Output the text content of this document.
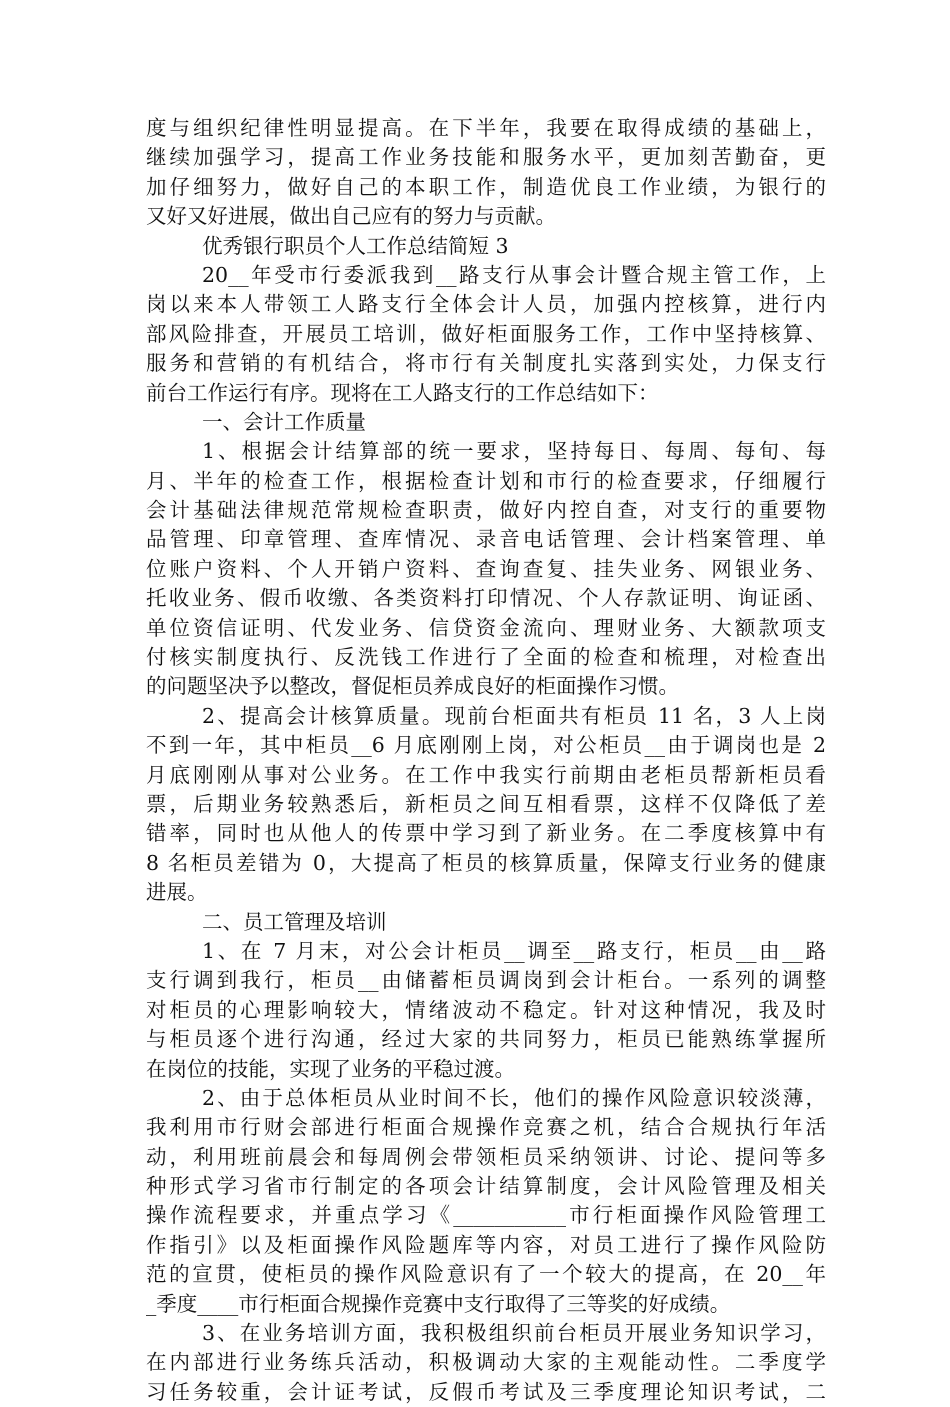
度与组织纪律性明显提高。在下半年，我要在取得成绩的基础上，
继续加强学习，提高工作业务技能和服务水平，更加刻苦勤奋，更
加仔细努力，做好自己的本职工作，制造优良工作业绩，为银行的
又好又好进展，做出自己应有的努力与贡献。
优秀银行职员个人工作总结简短 3
20__年受市行委派我到__路支行从事会计暨合规主管工作，上
岗以来本人带领工人路支行全体会计人员，加强内控核算，进行内
部风险排查，开展员工培训，做好柜面服务工作，工作中坚持核算、
服务和营销的有机结合，将市行有关制度扎实落到实处，力保支行
前台工作运行有序。现将在工人路支行的工作总结如下：
一、会计工作质量
1、根据会计结算部的统一要求，坚持每日、每周、每旬、每
月、半年的检查工作，根据检查计划和市行的检查要求，仔细履行
会计基础法律规范常规检查职责，做好内控自查，对支行的重要物
品管理、印章管理、查库情况、录音电话管理、会计档案管理、单
位账户资料、个人开销户资料、查询查复、挂失业务、网银业务、
托收业务、假币收缴、各类资料打印情况、个人存款证明、询证函、
单位资信证明、代发业务、信贷资金流向、理财业务、大额款项支
付核实制度执行、反洗钱工作进行了全面的检查和梳理，对检查出
的问题坚决予以整改，督促柜员养成良好的柜面操作习惯。
2、提高会计核算质量。现前台柜面共有柜员 11 名，3 人上岗
不到一年，其中柜员__6 月底刚刚上岗，对公柜员__由于调岗也是 2
月底刚刚从事对公业务。在工作中我实行前期由老柜员帮新柜员看
票，后期业务较熟悉后，新柜员之间互相看票，这样不仅降低了差
错率，同时也从他人的传票中学习到了新业务。在二季度核算中有
8 名柜员差错为 0，大提高了柜员的核算质量，保障支行业务的健康
进展。
二、员工管理及培训
1、在 7 月末，对公会计柜员__调至__路支行，柜员__由__路
支行调到我行，柜员__由储蓄柜员调岗到会计柜台。一系列的调整
对柜员的心理影响较大，情绪波动不稳定。针对这种情况，我及时
与柜员逐个进行沟通，经过大家的共同努力，柜员已能熟练掌握所
在岗位的技能，实现了业务的平稳过渡。
2、由于总体柜员从业时间不长，他们的操作风险意识较淡薄，
我利用市行财会部进行柜面合规操作竞赛之机，结合合规执行年活
动，利用班前晨会和每周例会带领柜员采纳领讲、讨论、提问等多
种形式学习省市行制定的各项会计结算制度，会计风险管理及相关
操作流程要求，并重点学习《___________市行柜面操作风险管理工
作指引》以及柜面操作风险题库等内容，对员工进行了操作风险防
范的宣贯，使柜员的操作风险意识有了一个较大的提高，在 20__年
_季度____市行柜面合规操作竞赛中支行取得了三等奖的好成绩。
3、在业务培训方面，我积极组织前台柜员开展业务知识学习，
在内部进行业务练兵活动，积极调动大家的主观能动性。二季度学
习任务较重，会计证考试，反假币考试及三季度理论知识考试，二
